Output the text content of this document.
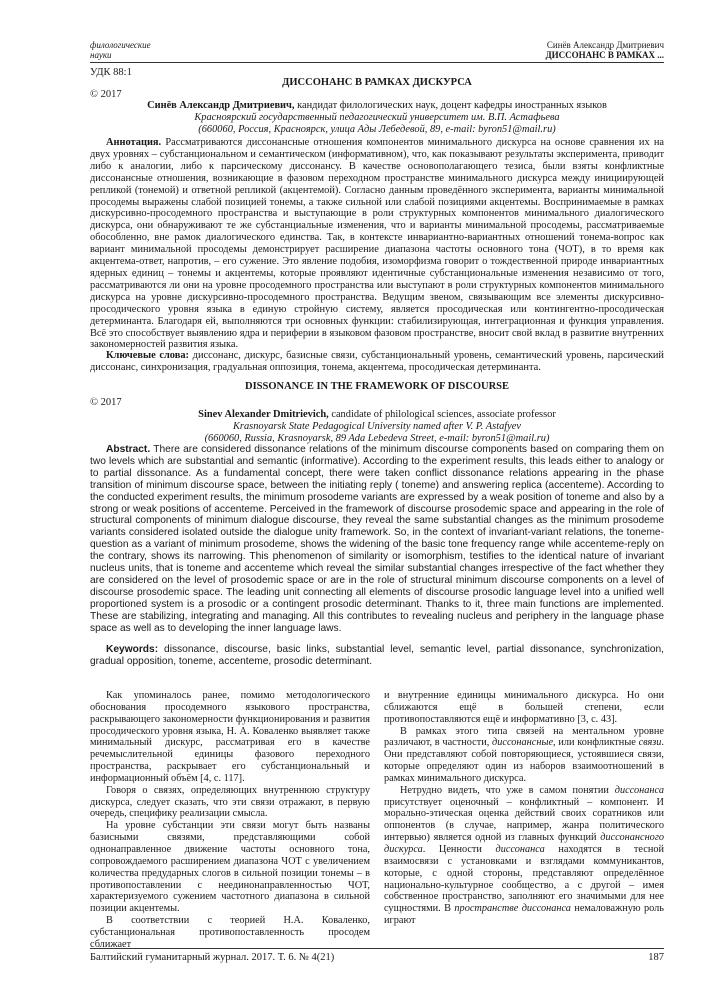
филологические
науки
Синёв Александр Дмитриевич
ДИССОНАНС В РАМКАХ ...
УДК 88:1
ДИССОНАНС В РАМКАХ ДИСКУРСА
© 2017
Синёв Александр Дмитриевич, кандидат филологических наук, доцент кафедры иностранных языков
Красноярский государственный педагогический университет им. В.П. Астафьева
(660060, Россия, Красноярск, улица Ады Лебедевой, 89, e-mail: byron51@mail.ru)
Аннотация. Рассматриваются диссонансные отношения компонентов минимального дискурса на основе сравнения их на двух уровнях – субстанциональном и семантическом (информативном), что, как показывают результаты эксперимента, приводит либо к аналогии, либо к парсическому диссонансу. В качестве основополагающего тезиса, были взяты конфликтные диссонансные отношения, возникающие в фазовом переходном пространстве минимального дискурса между инициирующей репликой (тонемой) и ответной репликой (акцентемой). Согласно данным проведённого эксперимента, варианты минимальной просодемы выражены слабой позицией тонемы, а также сильной или слабой позициями акцентемы. Воспринимаемые в рамках дискурсивно-просодемного пространства и выступающие в роли структурных компонентов минимального диалогического дискурса, они обнаруживают те же субстанциальные изменения, что и варианты минимальной просодемы, рассматриваемые обособленно, вне рамок диалогического единства. Так, в контексте инвариантно-вариантных отношений тонема-вопрос как вариант минимальной просодемы демонстрирует расширение диапазона частоты основного тона (ЧОТ), в то время как акцентема-ответ, напротив, – его сужение. Это явление подобия, изоморфизма говорит о тождественной природе инвариантных ядерных единиц – тонемы и акцентемы, которые проявляют идентичные субстанциональные изменения независимо от того, рассматриваются ли они на уровне просодемного пространства или выступают в роли структурных компонентов минимального дискурса на уровне дискурсивно-просодемного пространства. Ведущим звеном, связывающим все элементы дискурсивно-просодического уровня языка в единую стройную систему, является просодическая или контингентно-просодическая детерминанта. Благодаря ей, выполняются три основных функции: стабилизирующая, интеграционная и функция управления. Всё это способствует выявлению ядра и периферии в языковом фазовом пространстве, вносит свой вклад в развитие внутренних закономерностей развития языка.
Ключевые слова: диссонанс, дискурс, базисные связи, субстанциональный уровень, семантический уровень, парсический диссонанс, синхронизация, градуальная оппозиция, тонема, акцентема, просодическая детерминанта.
DISSONANCE IN THE FRAMEWORK OF DISCOURSE
© 2017
Sinev Alexander Dmitrievich, candidate of philological sciences, associate professor
Krasnoyarsk State Pedagogical University named after V. P. Astafyev
(660060, Russia, Krasnoyarsk, 89 Ada Lebedeva Street, e-mail: byron51@mail.ru)
Abstract. There are considered dissonance relations of the minimum discourse components based on comparing them on two levels which are substantial and semantic (informative). According to the experiment results, this leads either to analogy or to partial dissonance. As a fundamental concept, there were taken conflict dissonance relations appearing in the phase transition of minimum discourse space, between the initiating reply ( toneme) and answering replica (accenteme). According to the conducted experiment results, the minimum prosodeme variants are expressed by a weak position of toneme and also by a strong or weak positions of accenteme. Perceived in the framework of discourse prosodemic space and appearing in the role of structural components of minimum dialogue discourse, they reveal the same substantial changes as the minimum prosodeme variants considered isolated outside the dialogue unity framework. So, in the context of invariant-variant relations, the toneme-question as a variant of minimum prosodeme, shows the widening of the basic tone frequency range while accenteme-reply on the contrary, shows its narrowing. This phenomenon of similarity or isomorphism, testifies to the identical nature of invariant nucleus units, that is toneme and accenteme which reveal the similar substantial changes irrespective of the fact whether they are considered on the level of prosodemic space or are in the role of structural minimum discourse components on a level of discourse prosodemic space. The leading unit connecting all elements of discourse prosodic language level into a unified well proportioned system is a prosodic or a contingent prosodic determinant. Thanks to it, three main functions are implemented. These are stabilizing, integrating and managing. All this contributes to revealing nucleus and periphery in the language phase space as well as to developing the inner language laws.
Keywords: dissonance, discourse, basic links, substantial level, semantic level, partial dissonance, synchronization, gradual opposition, toneme, accenteme, prosodic determinant.

Как упоминалось ранее, помимо методологического обоснования просодемного языкового пространства, раскрывающего закономерности функционирования и развития просодического уровня языка, Н. А. Коваленко выявляет также минимальный дискурс, рассматривая его в качестве речемыслительной единицы фазового переходного пространства, раскрывает его субстанциональный и информационный объём [4, с. 117].

Говоря о связях, определяющих внутреннюю структуру дискурса, следует сказать, что эти связи отражают, в первую очередь, специфику реализации смысла.

На уровне субстанции эти связи могут быть названы базисными связями, представляющими собой однонаправленное движение частоты основного тона, сопровождаемого расширением диапазона ЧОТ с увеличением количества предударных слогов в сильной позиции тонемы – в противопоставлении с неединонаправленностью ЧОТ, характеризуемого сужением частотного диапазона в сильной позиции акцентемы.

В соответствии с теорией Н.А. Коваленко, субстанциональная противопоставленность просодем сближает

и внутренние единицы минимального дискурса. Но они сближаются ещё в большей степени, если противопоставляются ещё и информативно [3, с. 43].

В рамках этого типа связей на ментальном уровне различают, в частности, диссонансные, или конфликтные связи. Они представляют собой повторяющиеся, устоявшиеся связи, которые определяют один из наборов взаимоотношений в рамках минимального дискурса.

Нетрудно видеть, что уже в самом понятии диссонанса присутствует оценочный – конфликтный – компонент. И морально-этическая оценка действий своих соратников или оппонентов (в случае, например, жанра политического интервью) является одной из главных функций диссонансного дискурса. Ценности диссонанса находятся в тесной взаимосвязи с установками и взглядами коммуникантов, которые, с одной стороны, представляют определённое национально-культурное сообщество, а с другой – имея собственное пространство, заполняют его значимыми для нее сущностями. В пространстве диссонанса немаловажную роль играют

Балтийский гуманитарный журнал. 2017. Т. 6. № 4(21)	187
